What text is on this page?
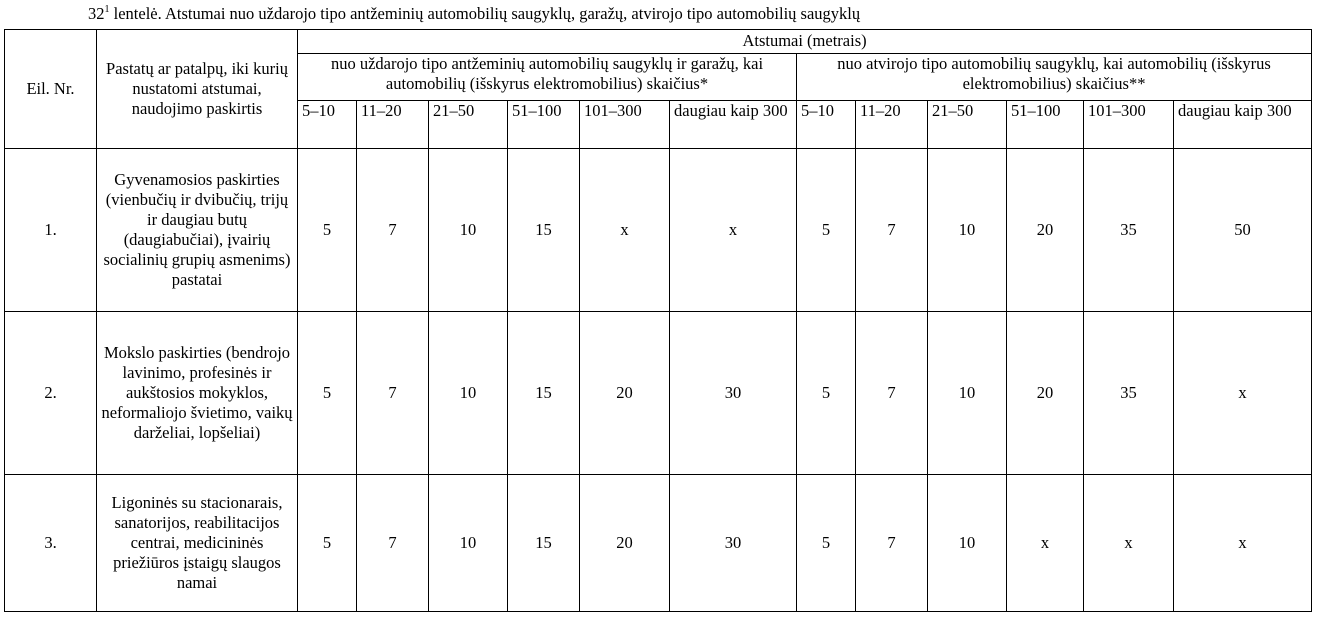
$32^1$ lentelė. Atstumai nuo uždarojo tipo antžeminių automobilių saugyklų, garažų, atvirojo tipo automobilių saugyklų
Eil. Nr.	Pastatų ar patalpų, iki kurių nustatomi atstumai, naudojimo paskirtis	Atstumai (metrais)											
		nuo uždarojo tipo antžeminių automobilių saugyklų ir garažų, kai automobilių (išskyrus elektromobilius) skaičius*						nuo atvirojo tipo automobilių saugyklų, kai automobilių (išskyrus elektromobilius) skaičius**					
		5–10	11–20	21–50	51–100	101–300	daugiau kaip 300	5–10	11–20	21–50	51–100	101–300	daugiau kaip 300
1.	Gyvenamosios paskirties (vienbučių ir dvibučių, trijų ir daugiau butų (daugiabučiai), įvairių socialinių grupių asmenims) pastatai	5	7	10	15	x	x	5	7	10	20	35	50
2.	Mokslo paskirties (bendrojo lavinimo, profesinės ir aukštosios mokyklos, neformaliojo švietimo, vaikų darželiai, lopšeliai)	5	7	10	15	20	30	5	7	10	20	35	x
3.	Ligoninės su stacionarais, sanatorijos, reabilitacijos centrai, medicininės priežiūros įstaigų slaugos namai	5	7	10	15	20	30	5	7	10	x	x	x
